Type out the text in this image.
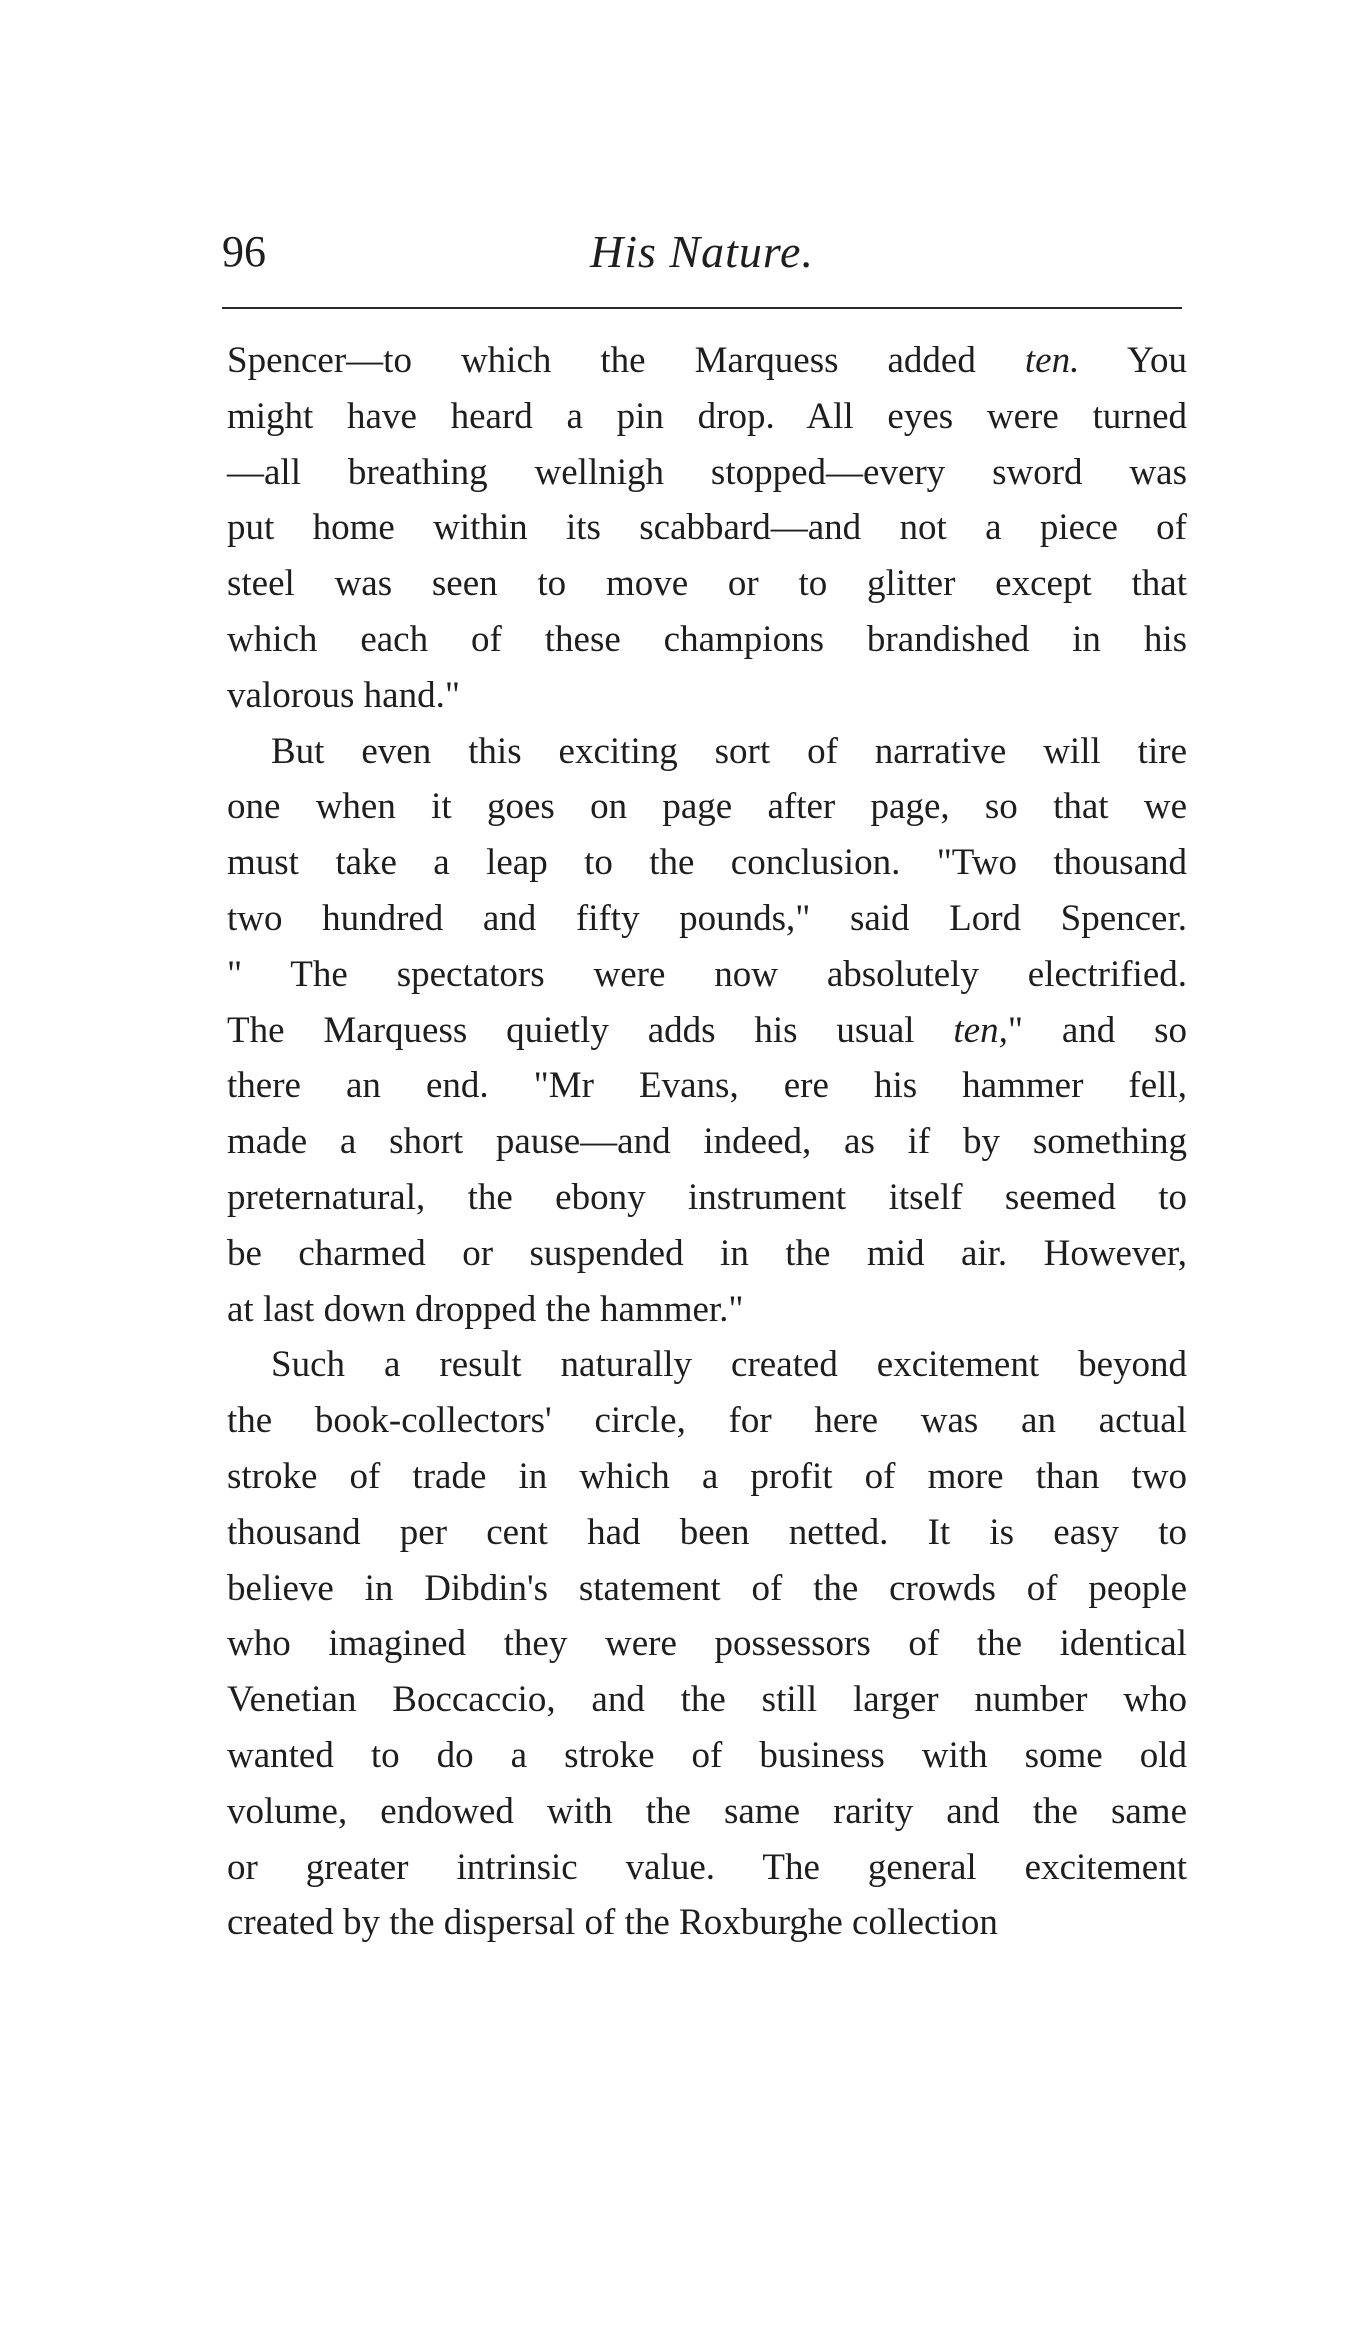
96	His Nature.
Spencer—to which the Marquess added ten. You
might have heard a pin drop. All eyes were turned
—all breathing wellnigh stopped—every sword was
put home within its scabbard—and not a piece of
steel was seen to move or to glitter except that
which each of these champions brandished in his
valorous hand."
But even this exciting sort of narrative will tire
one when it goes on page after page, so that we
must take a leap to the conclusion. "Two thousand
two hundred and fifty pounds," said Lord Spencer.
" The spectators were now absolutely electrified.
The Marquess quietly adds his usual ten," and so
there an end. "Mr Evans, ere his hammer fell,
made a short pause—and indeed, as if by something
preternatural, the ebony instrument itself seemed to
be charmed or suspended in the mid air. However,
at last down dropped the hammer."
Such a result naturally created excitement beyond
the book-collectors' circle, for here was an actual
stroke of trade in which a profit of more than two
thousand per cent had been netted. It is easy to
believe in Dibdin's statement of the crowds of people
who imagined they were possessors of the identical
Venetian Boccaccio, and the still larger number who
wanted to do a stroke of business with some old
volume, endowed with the same rarity and the same
or greater intrinsic value. The general excitement
created by the dispersal of the Roxburghe collection
